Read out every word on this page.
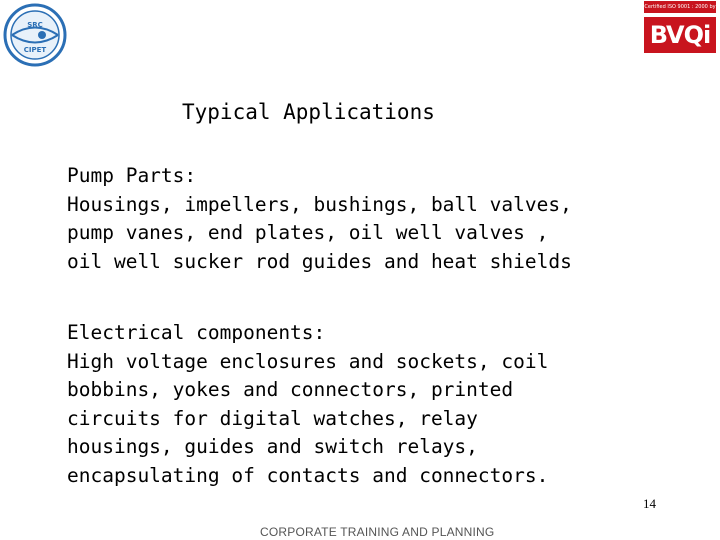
SRC
CIPET
Certified ISO 9001 : 2000 by
BVQi
Typical Applications
Pump Parts:
Housings, impellers, bushings, ball valves,
pump vanes, end plates, oil well valves ,
oil well sucker rod guides and heat shields
Electrical components:
High voltage enclosures and sockets, coil
bobbins, yokes and connectors, printed
circuits for digital watches, relay
housings, guides and switch relays,
encapsulating of contacts and connectors.
14
CORPORATE TRAINING AND PLANNING
